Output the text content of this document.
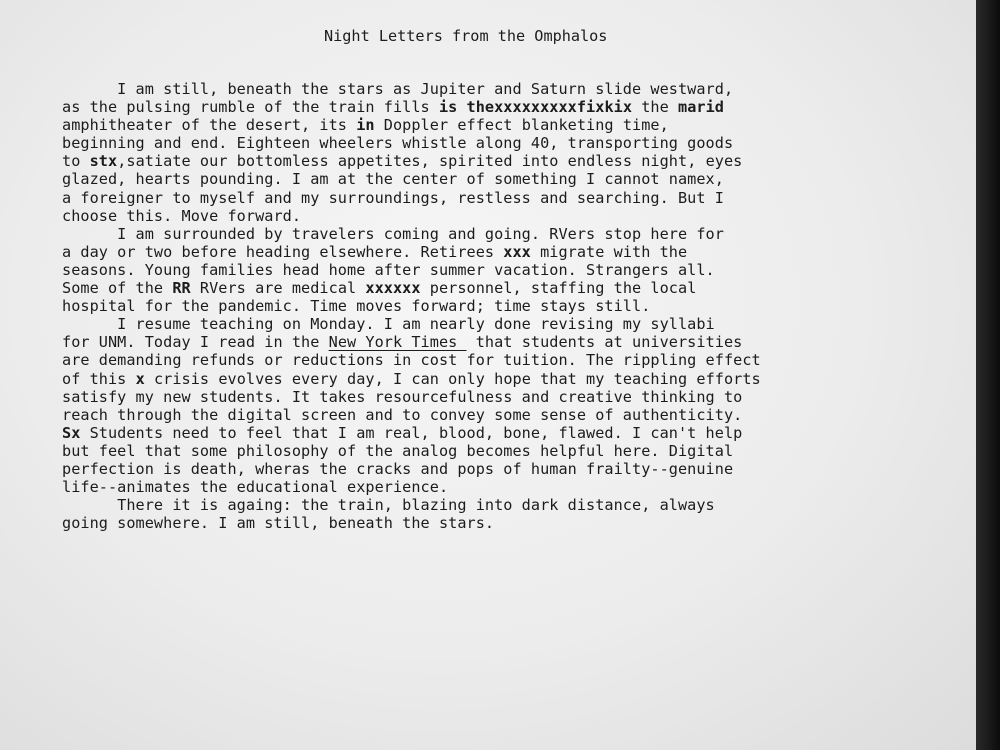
Night Letters from the Omphalos
I am still, beneath the stars as Jupiter and Saturn slide westward,
as the pulsing rumble of the train fills is thexxxxxxxxxfixkix the marid
amphitheater of the desert, its in Doppler effect blanketing time,
beginning and end. Eighteen wheelers whistle along 40, transporting goods
to stx,satiate our bottomless appetites, spirited into endless night, eyes
glazed, hearts pounding. I am at the center of something I cannot namex,
a foreigner to myself and my surroundings, restless and searching. But I
choose this. Move forward.
I am surrounded by travelers coming and going. RVers stop here for
a day or two before heading elsewhere. Retirees xxx migrate with the
seasons. Young families head home after summer vacation. Strangers all.
Some of the RR RVers are medical xxxxxx personnel, staffing the local
hospital for the pandemic. Time moves forward; time stays still.
I resume teaching on Monday. I am nearly done revising my syllabi
for UNM. Today I read in the New York Times  that students at universities
are demanding refunds or reductions in cost for tuition. The rippling effect
of this x crisis evolves every day, I can only hope that my teaching efforts
satisfy my new students. It takes resourcefulness and creative thinking to
reach through the digital screen and to convey some sense of authenticity.
Sx Students need to feel that I am real, blood, bone, flawed. I can't help
but feel that some philosophy of the analog becomes helpful here. Digital
perfection is death, wheras the cracks and pops of human frailty--genuine
life--animates the educational experience.
There it is againg: the train, blazing into dark distance, always
going somewhere. I am still, beneath the stars.
